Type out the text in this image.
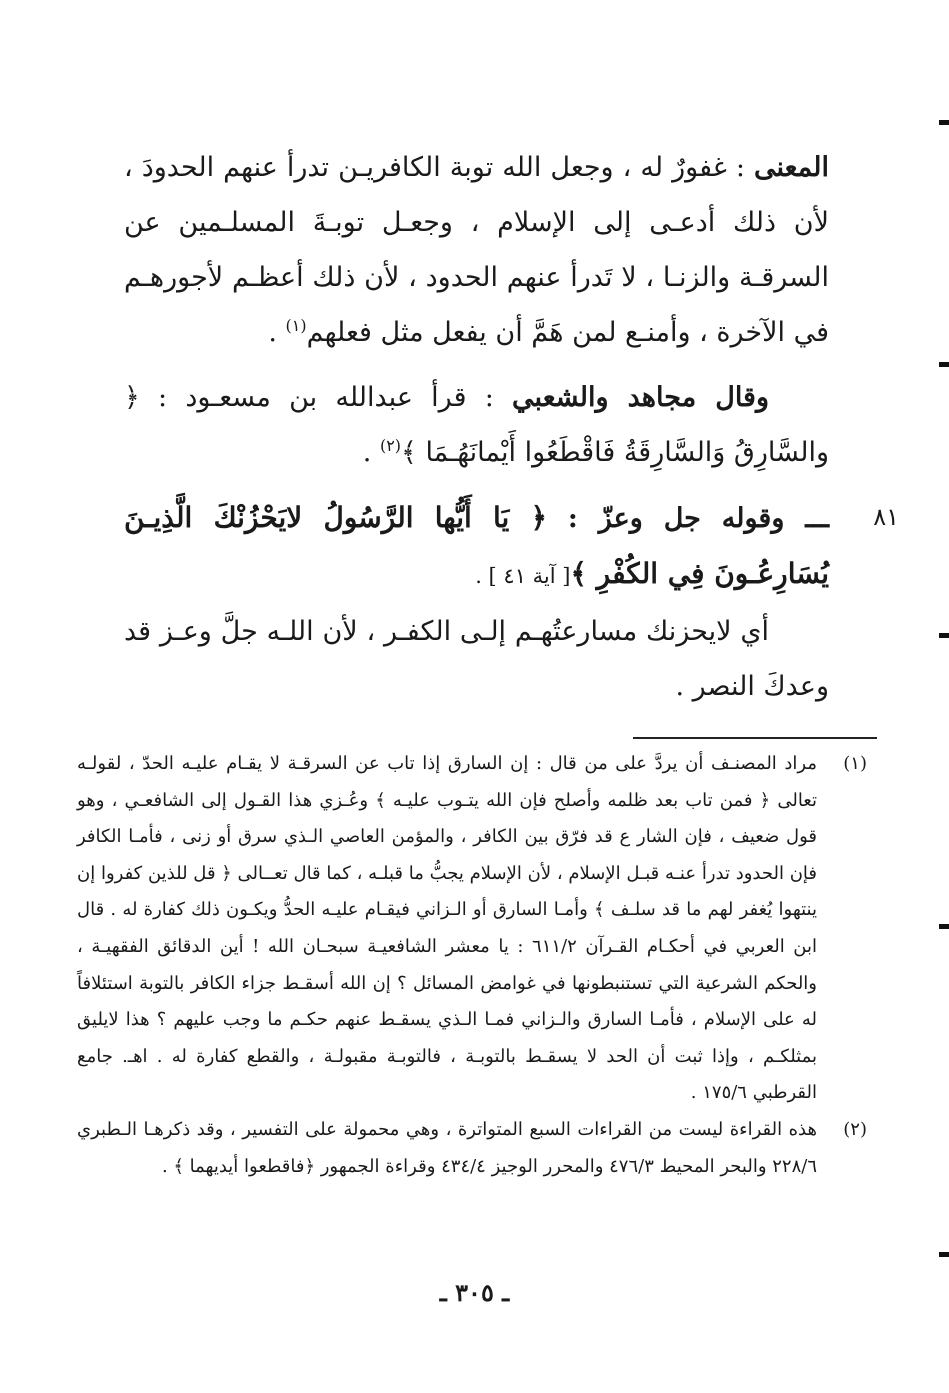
المعنى : غفورٌ له ، وجعل الله توبة الكافريـن تدرأ عنهم الحدودَ ، لأن ذلك أدعـى إلى الإسلام ، وجعـل توبـةَ المسلـمين عن السرقـة والزنـا ، لا تَدرأ عنهم الحدود ، لأن ذلك أعظـم لأجورهـم في الآخرة ، وأمنـع لمن هَمَّ أن يفعل مثل فعلهم$^{(١)}$ .

وقال مجاهد والشعبي : قرأ عبدالله بن مسعـود : ﴿ والسَّارِقُ وَالسَّارِقَةُ فَاقْطَعُوا أَيْمانَهُـمَا ﴾$^{(٢)}$ .

٨١

ـــ وقوله جل وعزّ : ﴿ يَا أَيُّها الرَّسُولُ لايَحْزُنْكَ الَّذِيـنَ يُسَارِعُـونَ فِي الكُفْرِ ﴾[ آية ٤١ ] .

أي لايحزنك مسارعتُهـم إلـى الكفـر ، لأن اللـه جلَّ وعـز قد وعدكَ النصر .

(١)
مراد المصنـف أن يردَّ على من قال : إن السارق إذا تاب عن السرقـة لا يقـام عليـه الحدّ ، لقولـه تعالى ﴿ فمن تاب بعد ظلمه وأصلح فإن الله يتـوب عليـه ﴾ وعُـزي هذا القـول إلى الشافعـي ، وهو قول ضعيف ، فإن الشار ع قد فرّق بين الكافر ، والمؤمن العاصي الـذي سرق أو زنى ، فأمـا الكافر فإن الحدود تدرأ عنـه قبـل الإسلام ، لأن الإسلام يجبُّ ما قبلـه ، كما قال تعــالى ﴿ قل للذين كفروا إن ينتهوا يُغفر لهم ما قد سلـف ﴾ وأمـا السارق أو الـزاني فيقـام عليـه الحدُّ ويكـون ذلك كفارة له . قال ابن العربي في أحكـام القـرآن ٦١١/٢ : يا معشر الشافعيـة سبحـان الله ! أين الدقائق الفقهيـة ، والحكم الشرعية التي تستنبطونها في غوامض المسائل ؟ إن الله أسقـط جزاء الكافر بالتوبة استئلافاً له على الإسلام ، فأمـا السارق والـزاني فمـا الـذي يسقـط عنهم حكـم ما وجب عليهم ؟ هذا لايليق بمثلكـم ، وإذا ثبت أن الحد لا يسقـط بالتوبـة ، فالتوبـة مقبولـة ، والقطع كفارة له . اهـ. جامع القرطبي ١٧٥/٦ .
(٢)
هذه القراءة ليست من القراءات السبع المتواترة ، وهي محمولة على التفسير ، وقد ذكرهـا الـطبري ٢٢٨/٦ والبحر المحيط ٤٧٦/٣ والمحرر الوجيز ٤٣٤/٤ وقراءة الجمهور ﴿فاقطعوا أيديهما ﴾ .
ـ ٣٠٥ ـ
